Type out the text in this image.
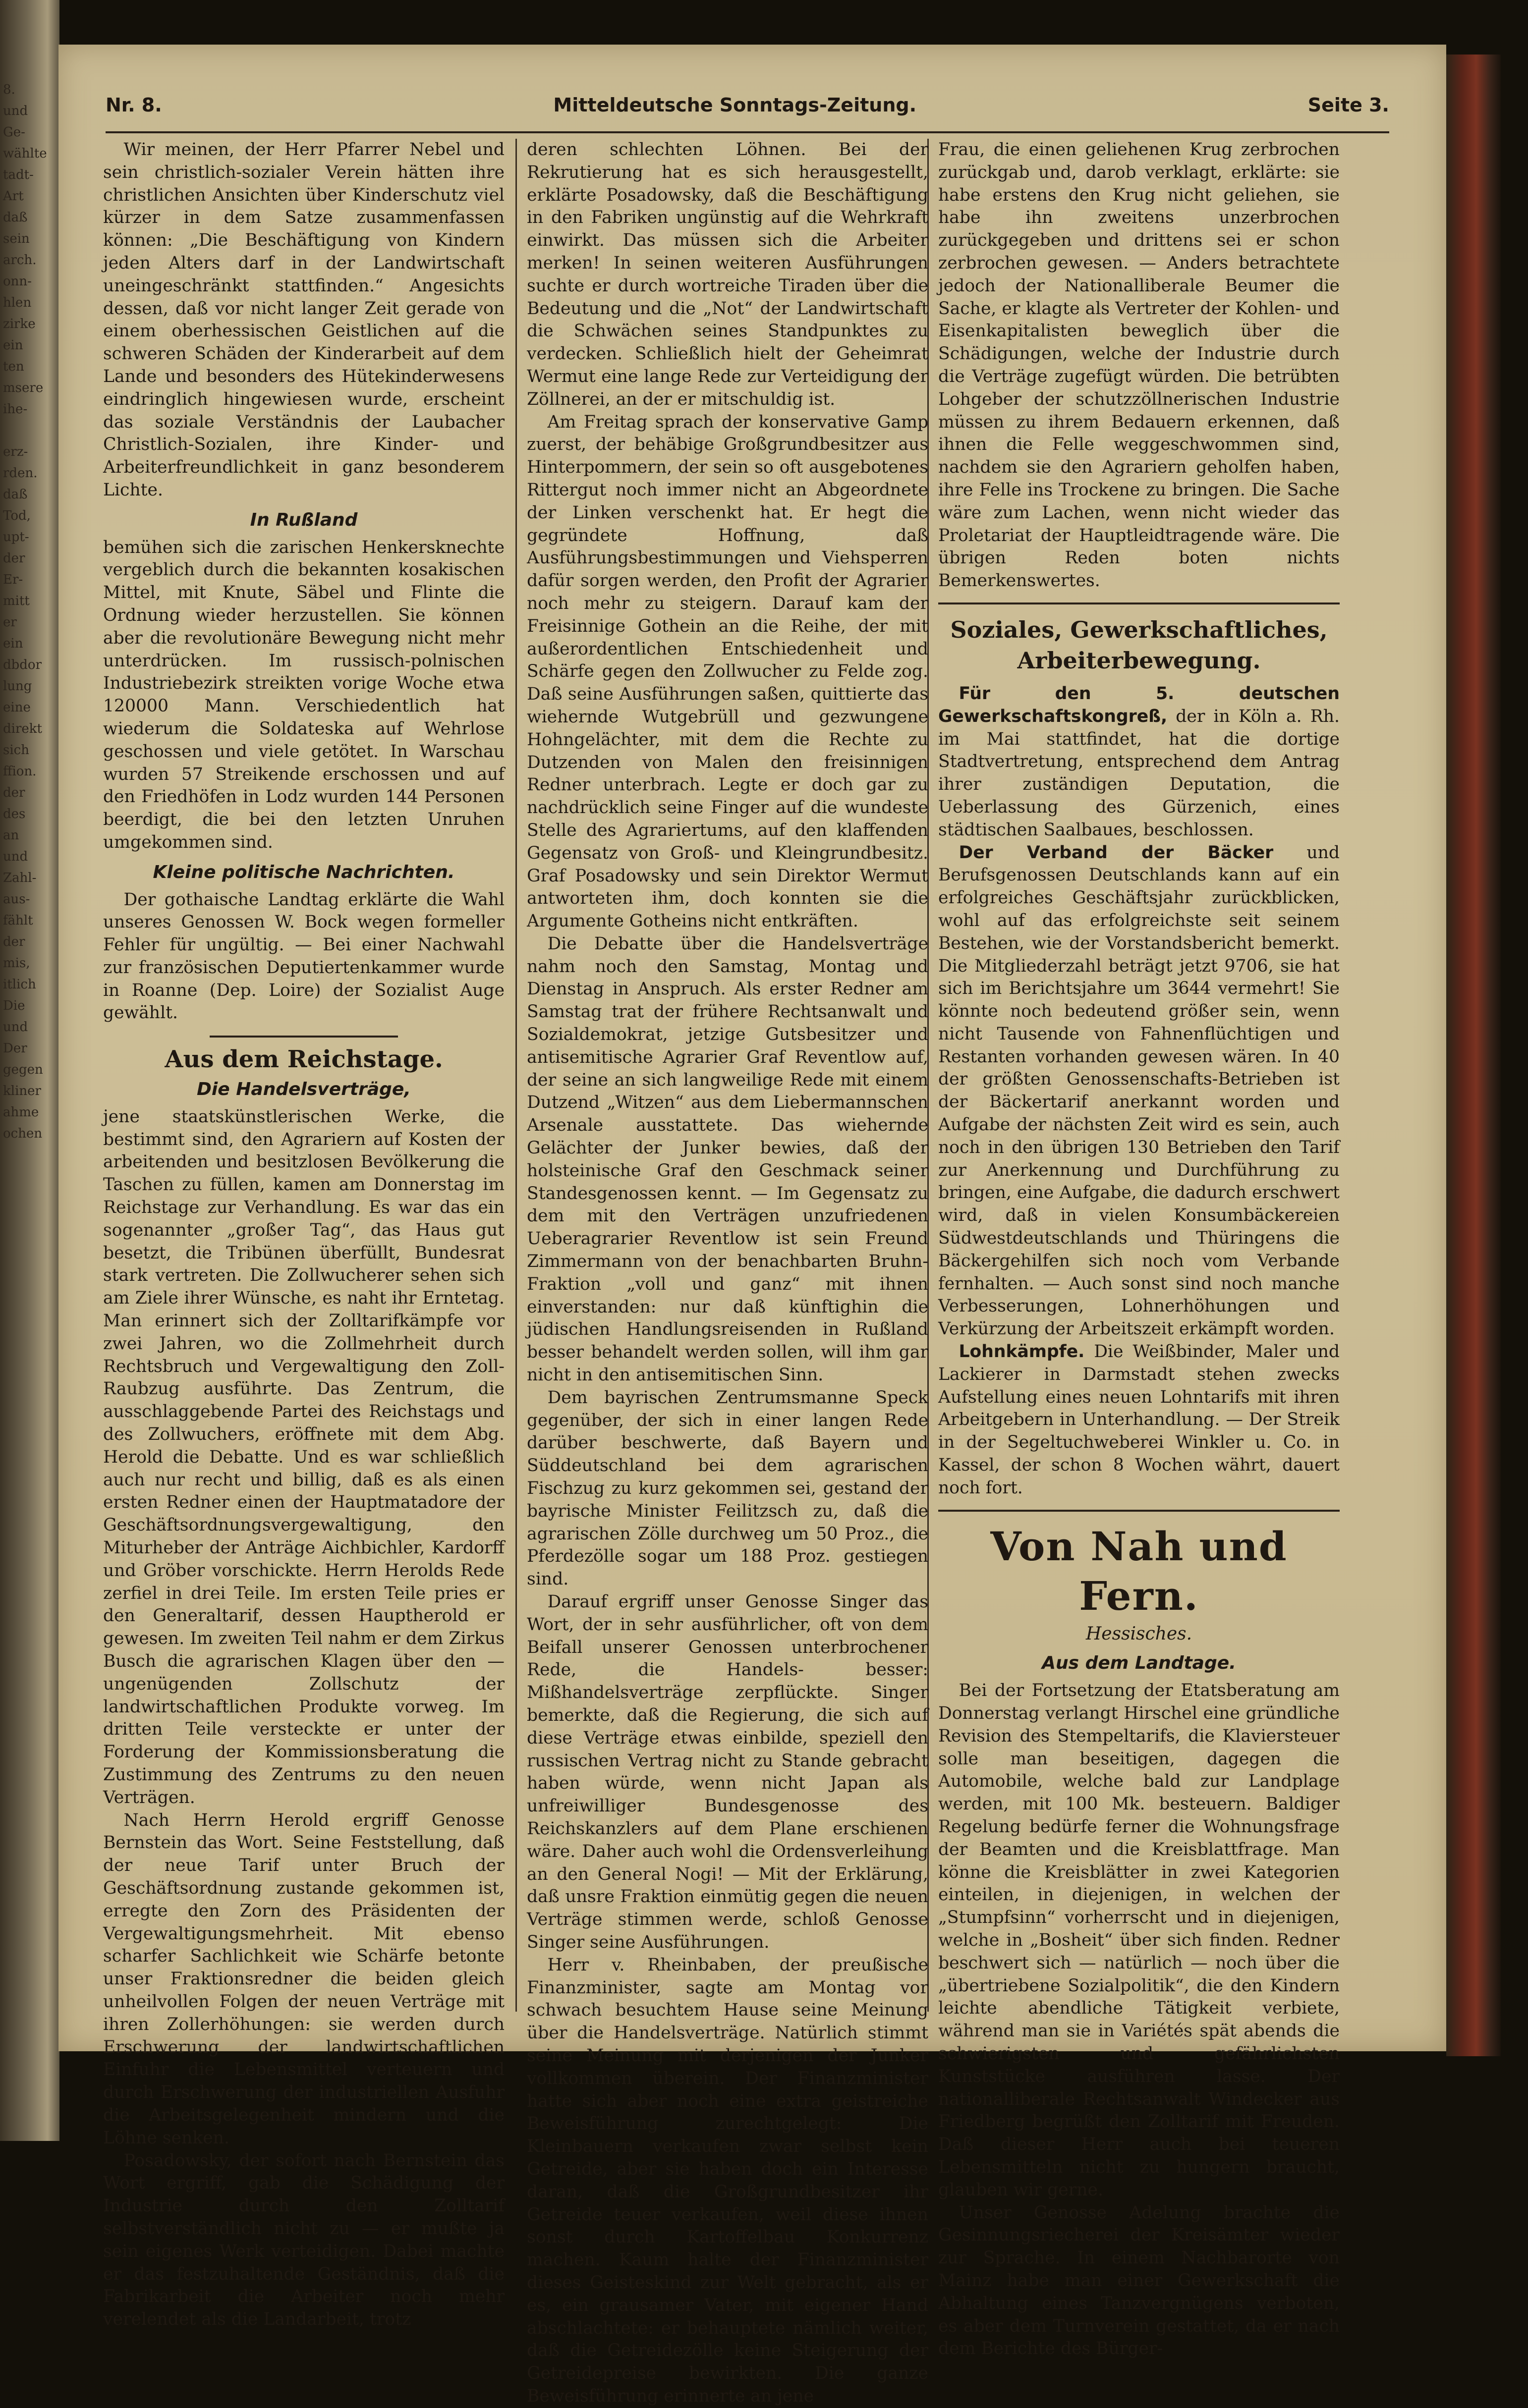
8.
und
Ge-
wählte
tadt-
Art
daß
sein
arch.
onn-
hlen
zirke
ein
ten
msere
ihe-

erz-
rden.
daß
Tod,
upt-
der
Er-
mitt
er
ein
dbdor
lung
eine
direkt
sich
ffion.
der
des
an
und
Zahl-
aus-
fählt
der
mis,
itlich
Die
und
Der
gegen
kliner
ahme
ochen
Nr. 8.	Mitteldeutsche Sonntags-Zeitung.	Seite 3.

Wir meinen, der Herr Pfarrer Nebel und sein christlich-sozialer Verein hätten ihre christlichen Ansichten über Kinderschutz viel kürzer in dem Satze zusammenfassen können: „Die Beschäftigung von Kindern jeden Alters darf in der Landwirtschaft uneingeschränkt stattfinden.“ Angesichts dessen, daß vor nicht langer Zeit gerade von einem oberhessischen Geistlichen auf die schweren Schäden der Kinderarbeit auf dem Lande und besonders des Hütekinderwesens eindringlich hingewiesen wurde, erscheint das soziale Verständnis der Laubacher Christlich-Sozialen, ihre Kinder- und Arbeiterfreundlichkeit in ganz besonderem Lichte.

In Rußland

bemühen sich die zarischen Henkersknechte vergeblich durch die bekannten kosakischen Mittel, mit Knute, Säbel und Flinte die Ordnung wieder herzustellen. Sie können aber die revolutionäre Bewegung nicht mehr unterdrücken. Im russisch-polnischen Industriebezirk streikten vorige Woche etwa 120000 Mann. Verschiedentlich hat wiederum die Soldateska auf Wehrlose geschossen und viele getötet. In Warschau wurden 57 Streikende erschossen und auf den Friedhöfen in Lodz wurden 144 Personen beerdigt, die bei den letzten Unruhen umgekommen sind.

Kleine politische Nachrichten.

Der gothaische Landtag erklärte die Wahl unseres Genossen W. Bock wegen formeller Fehler für ungültig. — Bei einer Nachwahl zur französischen Deputiertenkammer wurde in Roanne (Dep. Loire) der Sozialist Auge gewählt.

Aus dem Reichstage.
Die Handelsverträge,

jene staatskünstlerischen Werke, die bestimmt sind, den Agrariern auf Kosten der arbeitenden und besitzlosen Bevölkerung die Taschen zu füllen, kamen am Donnerstag im Reichstage zur Verhandlung. Es war das ein sogenannter „großer Tag“, das Haus gut besetzt, die Tribünen überfüllt, Bundesrat stark vertreten. Die Zollwucherer sehen sich am Ziele ihrer Wünsche, es naht ihr Erntetag. Man erinnert sich der Zolltarifkämpfe vor zwei Jahren, wo die Zollmehrheit durch Rechtsbruch und Vergewaltigung den Zoll-Raubzug ausführte. Das Zentrum, die ausschlaggebende Partei des Reichstags und des Zollwuchers, eröffnete mit dem Abg. Herold die Debatte. Und es war schließlich auch nur recht und billig, daß es als einen ersten Redner einen der Hauptmatadore der Geschäftsordnungsvergewaltigung, den Miturheber der Anträge Aichbichler, Kardorff und Gröber vorschickte. Herrn Herolds Rede zerfiel in drei Teile. Im ersten Teile pries er den Generaltarif, dessen Hauptherold er gewesen. Im zweiten Teil nahm er dem Zirkus Busch die agrarischen Klagen über den — ungenügenden Zollschutz der landwirtschaftlichen Produkte vorweg. Im dritten Teile versteckte er unter der Forderung der Kommissionsberatung die Zustimmung des Zentrums zu den neuen Verträgen.

Nach Herrn Herold ergriff Genosse Bernstein das Wort. Seine Feststellung, daß der neue Tarif unter Bruch der Geschäftsordnung zustande gekommen ist, erregte den Zorn des Präsidenten der Vergewaltigungsmehrheit. Mit ebenso scharfer Sachlichkeit wie Schärfe betonte unser Fraktionsredner die beiden gleich unheilvollen Folgen der neuen Verträge mit ihren Zollerhöhungen: sie werden durch Erschwerung der landwirtschaftlichen Einfuhr die Lebensmittel verteuern und durch Erschwerung der industriellen Ausfuhr die Arbeitsgelegenheit mindern und die Löhne senken.

Posadowsky, der sofort nach Bernstein das Wort ergriff, gab die Schädigung der Industrie durch den Zolltarif selbstverständlich nicht zu — er mußte ja sein eigenes Werk verteidigen. Dabei machte er das festzuhaltende Geständnis, daß die Fabrikarbeit die Arbeiter noch mehr verelendet als die Landarbeit, trotz

deren schlechten Löhnen. Bei der Rekrutierung hat es sich herausgestellt, erklärte Posadowsky, daß die Beschäftigung in den Fabriken ungünstig auf die Wehrkraft einwirkt. Das müssen sich die Arbeiter merken! In seinen weiteren Ausführungen suchte er durch wortreiche Tiraden über die Bedeutung und die „Not“ der Landwirtschaft die Schwächen seines Standpunktes zu verdecken. Schließlich hielt der Geheimrat Wermut eine lange Rede zur Verteidigung der Zöllnerei, an der er mitschuldig ist.

Am Freitag sprach der konservative Gamp zuerst, der behäbige Großgrundbesitzer aus Hinterpommern, der sein so oft ausgebotenes Rittergut noch immer nicht an Abgeordnete der Linken verschenkt hat. Er hegt die gegründete Hoffnung, daß Ausführungsbestimmungen und Viehsperren dafür sorgen werden, den Profit der Agrarier noch mehr zu steigern. Darauf kam der Freisinnige Gothein an die Reihe, der mit außerordentlichen Entschiedenheit und Schärfe gegen den Zollwucher zu Felde zog. Daß seine Ausführungen saßen, quittierte das wiehernde Wutgebrüll und gezwungene Hohngelächter, mit dem die Rechte zu Dutzenden von Malen den freisinnigen Redner unterbrach. Legte er doch gar zu nachdrücklich seine Finger auf die wundeste Stelle des Agrariertums, auf den klaffenden Gegensatz von Groß- und Kleingrundbesitz. Graf Posadowsky und sein Direktor Wermut antworteten ihm, doch konnten sie die Argumente Gotheins nicht entkräften.

Die Debatte über die Handelsverträge nahm noch den Samstag, Montag und Dienstag in Anspruch. Als erster Redner am Samstag trat der frühere Rechtsanwalt und Sozialdemokrat, jetzige Gutsbesitzer und antisemitische Agrarier Graf Reventlow auf, der seine an sich langweilige Rede mit einem Dutzend „Witzen“ aus dem Liebermannschen Arsenale ausstattete. Das wiehernde Gelächter der Junker bewies, daß der holsteinische Graf den Geschmack seiner Standesgenossen kennt. — Im Gegensatz zu dem mit den Verträgen unzufriedenen Ueberagrarier Reventlow ist sein Freund Zimmermann von der benachbarten Bruhn-Fraktion „voll und ganz“ mit ihnen einverstanden: nur daß künftighin die jüdischen Handlungsreisenden in Rußland besser behandelt werden sollen, will ihm gar nicht in den antisemitischen Sinn.

Dem bayrischen Zentrumsmanne Speck gegenüber, der sich in einer langen Rede darüber beschwerte, daß Bayern und Süddeutschland bei dem agrarischen Fischzug zu kurz gekommen sei, gestand der bayrische Minister Feilitzsch zu, daß die agrarischen Zölle durchweg um 50 Proz., die Pferdezölle sogar um 188 Proz. gestiegen sind.

Darauf ergriff unser Genosse Singer das Wort, der in sehr ausführlicher, oft von dem Beifall unserer Genossen unterbrochener Rede, die Handels- besser: Mißhandelsverträge zerpflückte. Singer bemerkte, daß die Regierung, die sich auf diese Verträge etwas einbilde, speziell den russischen Vertrag nicht zu Stande gebracht haben würde, wenn nicht Japan als unfreiwilliger Bundesgenosse des Reichskanzlers auf dem Plane erschienen wäre. Daher auch wohl die Ordensverleihung an den General Nogi! — Mit der Erklärung, daß unsre Fraktion einmütig gegen die neuen Verträge stimmen werde, schloß Genosse Singer seine Ausführungen.

Herr v. Rheinbaben, der preußische Finanzminister, sagte am Montag vor schwach besuchtem Hause seine Meinung über die Handelsverträge. Natürlich stimmt seine Meinung mit derjenigen der Junker vollkommen überein. Der Finanzminister hatte sich aber noch eine extra geistreiche Beweisführung zurechtgelegt: Die Kleinbauern verkaufen zwar selbst kein Getreide, aber sie haben doch ein Interesse daran, daß die Großgrundbesitzer ihr Getreide teuer verkaufen, weil diese ihnen sonst durch Kartoffelbau Konkurrenz machen. Kaum halte der Finanzminister dieses Geisteskind zur Welt gebracht, als er es, ein grausamer Vater, mit eigener Hand abschlachtete: er behauptete nämlich weiter, daß die Getreidezölle keine Steigerung der Getreidepreise bewirkten. Die ganze Beweisführung erinnerte an jene

Frau, die einen geliehenen Krug zerbrochen zurückgab und, darob verklagt, erklärte: sie habe erstens den Krug nicht geliehen, sie habe ihn zweitens unzerbrochen zurückgegeben und drittens sei er schon zerbrochen gewesen. — Anders betrachtete jedoch der Nationalliberale Beumer die Sache, er klagte als Vertreter der Kohlen- und Eisenkapitalisten beweglich über die Schädigungen, welche der Industrie durch die Verträge zugefügt würden. Die betrübten Lohgeber der schutzzöllnerischen Industrie müssen zu ihrem Bedauern erkennen, daß ihnen die Felle weggeschwommen sind, nachdem sie den Agrariern geholfen haben, ihre Felle ins Trockene zu bringen. Die Sache wäre zum Lachen, wenn nicht wieder das Proletariat der Hauptleidtragende wäre. Die übrigen Reden boten nichts Bemerkenswertes.

Soziales, Gewerkschaftliches, Arbeiterbewegung.

Für den 5. deutschen Gewerkschaftskongreß, der in Köln a. Rh. im Mai stattfindet, hat die dortige Stadtvertretung, entsprechend dem Antrag ihrer zuständigen Deputation, die Ueberlassung des Gürzenich, eines städtischen Saalbaues, beschlossen.

Der Verband der Bäcker und Berufsgenossen Deutschlands kann auf ein erfolgreiches Geschäftsjahr zurückblicken, wohl auf das erfolgreichste seit seinem Bestehen, wie der Vorstandsbericht bemerkt. Die Mitgliederzahl beträgt jetzt 9706, sie hat sich im Berichtsjahre um 3644 vermehrt! Sie könnte noch bedeutend größer sein, wenn nicht Tausende von Fahnenflüchtigen und Restanten vorhanden gewesen wären. In 40 der größten Genossenschafts-Betrieben ist der Bäckertarif anerkannt worden und Aufgabe der nächsten Zeit wird es sein, auch noch in den übrigen 130 Betrieben den Tarif zur Anerkennung und Durchführung zu bringen, eine Aufgabe, die dadurch erschwert wird, daß in vielen Konsumbäckereien Südwestdeutschlands und Thüringens die Bäckergehilfen sich noch vom Verbande fernhalten. — Auch sonst sind noch manche Verbesserungen, Lohnerhöhungen und Verkürzung der Arbeitszeit erkämpft worden.

Lohnkämpfe. Die Weißbinder, Maler und Lackierer in Darmstadt stehen zwecks Aufstellung eines neuen Lohntarifs mit ihren Arbeitgebern in Unterhandlung. — Der Streik in der Segeltuchweberei Winkler u. Co. in Kassel, der schon 8 Wochen währt, dauert noch fort.

Von Nah und Fern.
Hessisches.
Aus dem Landtage.

Bei der Fortsetzung der Etatsberatung am Donnerstag verlangt Hirschel eine gründliche Revision des Stempeltarifs, die Klaviersteuer solle man beseitigen, dagegen die Automobile, welche bald zur Landplage werden, mit 100 Mk. besteuern. Baldiger Regelung bedürfe ferner die Wohnungsfrage der Beamten und die Kreisblattfrage. Man könne die Kreisblätter in zwei Kategorien einteilen, in diejenigen, in welchen der „Stumpfsinn“ vorherrscht und in diejenigen, welche in „Bosheit“ über sich finden. Redner beschwert sich — natürlich — noch über die „übertriebene Sozialpolitik“, die den Kindern leichte abendliche Tätigkeit verbiete, während man sie in Variétés spät abends die schwierigsten und gefährlichsten Kunststücke ausführen lasse. Der nationalliberale Rechtsanwalt Windecker aus Friedberg begrüßt den Zolltarif mit Freuden. Daß dieser Herr auch bei teueren Lebensmitteln nicht zu hungern braucht, glauben wir gerne.

Unser Genosse Adelung brachte die Gesinnungsriecherei der Kreisämter wieder zur Sprache. In einem Nachbarorte von Mainz habe man einer Gewerkschaft die Abhaltung eines Tanzvergnügens verboten, es aber dem Turnverein gestattet, da er nach dem Berichte des Bürger-
